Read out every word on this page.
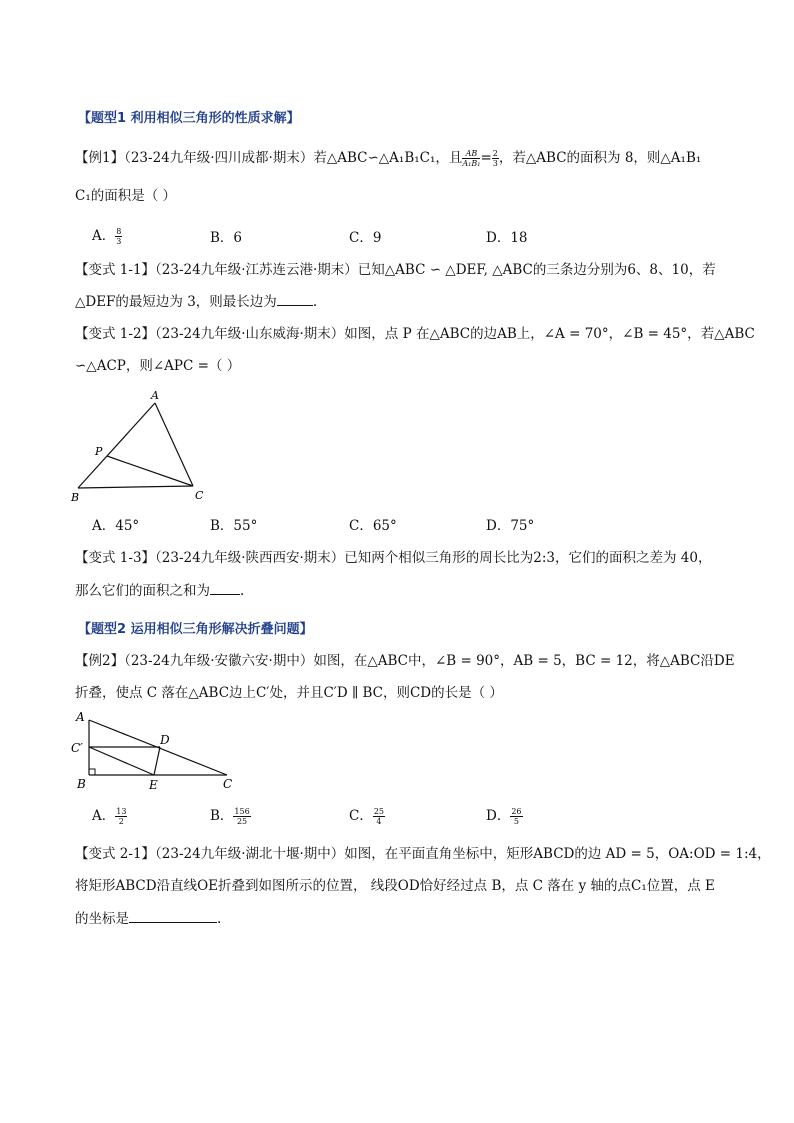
【题型1 利用相似三角形的性质求解】
【例1】（23-24九年级·四川成都·期末）若△ABC∽△A₁B₁C₁，且 $\frac{AB}{\text{A₁B₁}} = \frac{2}{3}$ ，若△ABC的面积为 8，则△A₁B₁
C₁的面积是（ ）
A． $\frac{8}{3}$	B．6	C．9	D．18
【变式 1-1】（23-24九年级·江苏连云港·期末）已知△ABC ∽ △DEF, △ABC的三条边分别为6、8、10，若
△DEF的最短边为 3，则最长边为	.
【变式 1-2】（23-24九年级·山东威海·期末）如图，点 P 在△ABC的边AB上，∠A = 70°，∠B = 45°，若△ABC
∽△ACP，则∠APC =（ ）
A
B	C
P
A．45°	B．55°	C．65°	D．75°
【变式 1-3】（23-24九年级·陕西西安·期末）已知两个相似三角形的周长比为2:3，它们的面积之差为 40，
那么它们的面积之和为 .
【题型2 运用相似三角形解决折叠问题】
【例2】（23-24九年级·安徽六安·期中）如图，在△ABC中，∠B = 90°，AB = 5，BC = 12，将△ABC沿DE
折叠，使点 C 落在△ABC边上C′处，并且C′D ∥ BC，则CD的长是（ ）
A
C′
D
B	E	C
A． $\frac{13}{2}$	B． $\frac{156}{25}$	C． $\frac{25}{4}$	D． $\frac{26}{5}$
【变式 2-1】（23-24九年级·湖北十堰·期中）如图，在平面直角坐标中，矩形ABCD的边 AD = 5，OA:OD = 1:4，
将矩形ABCD沿直线OE折叠到如图所示的位置， 线段OD恰好经过点 B，点 C 落在 y 轴的点C₁位置，点 E
的坐标是	.
